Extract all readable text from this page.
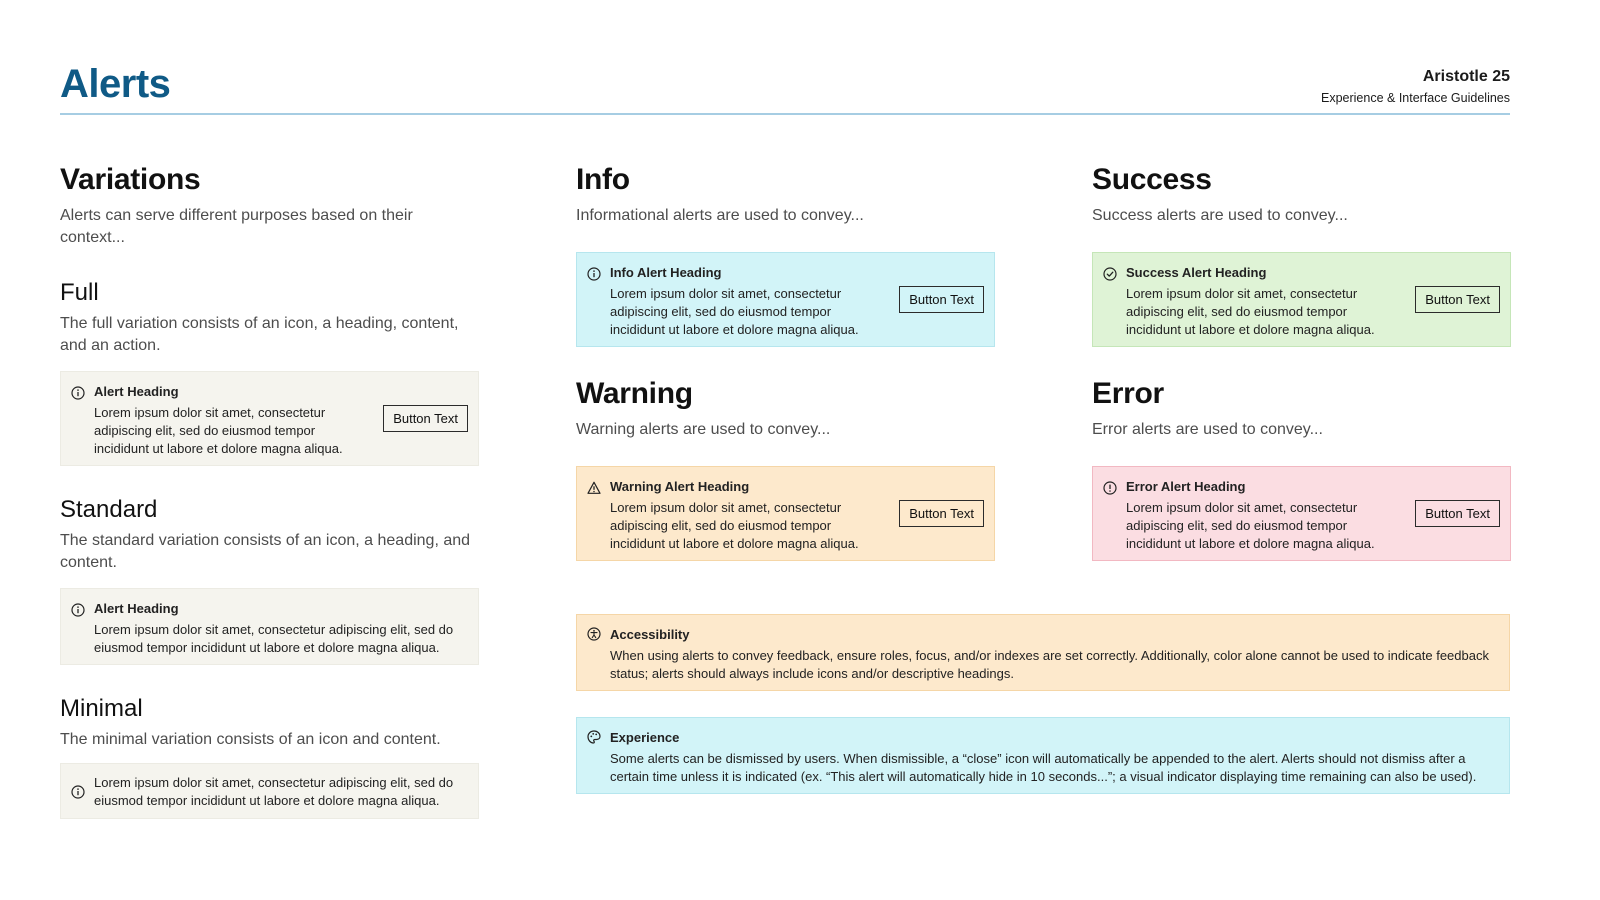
Alerts	Aristotle 25
Experience & Interface Guidelines
Variations

Alerts can serve different purposes based on their context...

Full

The full variation consists of an icon, a heading, content, and an action.

Alert Heading
Lorem ipsum dolor sit amet, consectetur adipiscing elit, sed do eiusmod tempor incididunt ut labore et dolore magna aliqua.
Button Text
Standard

The standard variation consists of an icon, a heading, and content.

Alert Heading
Lorem ipsum dolor sit amet, consectetur adipiscing elit, sed do eiusmod tempor incididunt ut labore et dolore magna aliqua.
Minimal

The minimal variation consists of an icon and content.

Lorem ipsum dolor sit amet, consectetur adipiscing elit, sed do eiusmod tempor incididunt ut labore et dolore magna aliqua.
Info

Informational alerts are used to convey...

Info Alert Heading
Lorem ipsum dolor sit amet, consectetur adipiscing elit, sed do eiusmod tempor incididunt ut labore et dolore magna aliqua.
Button Text
Warning

Warning alerts are used to convey...

Warning Alert Heading
Lorem ipsum dolor sit amet, consectetur adipiscing elit, sed do eiusmod tempor incididunt ut labore et dolore magna aliqua.
Button Text
Success

Success alerts are used to convey...

Success Alert Heading
Lorem ipsum dolor sit amet, consectetur adipiscing elit, sed do eiusmod tempor incididunt ut labore et dolore magna aliqua.
Button Text
Error

Error alerts are used to convey...

Error Alert Heading
Lorem ipsum dolor sit amet, consectetur adipiscing elit, sed do eiusmod tempor incididunt ut labore et dolore magna aliqua.
Button Text
Accessibility
When using alerts to convey feedback, ensure roles, focus, and/or indexes are set correctly. Additionally, color alone cannot be used to indicate feedback status; alerts should always include icons and/or descriptive headings.
Experience
Some alerts can be dismissed by users. When dismissible, a “close” icon will automatically be appended to the alert. Alerts should not dismiss after a certain time unless it is indicated (ex. “This alert will automatically hide in 10 seconds...”; a visual indicator displaying time remaining can also be used).
